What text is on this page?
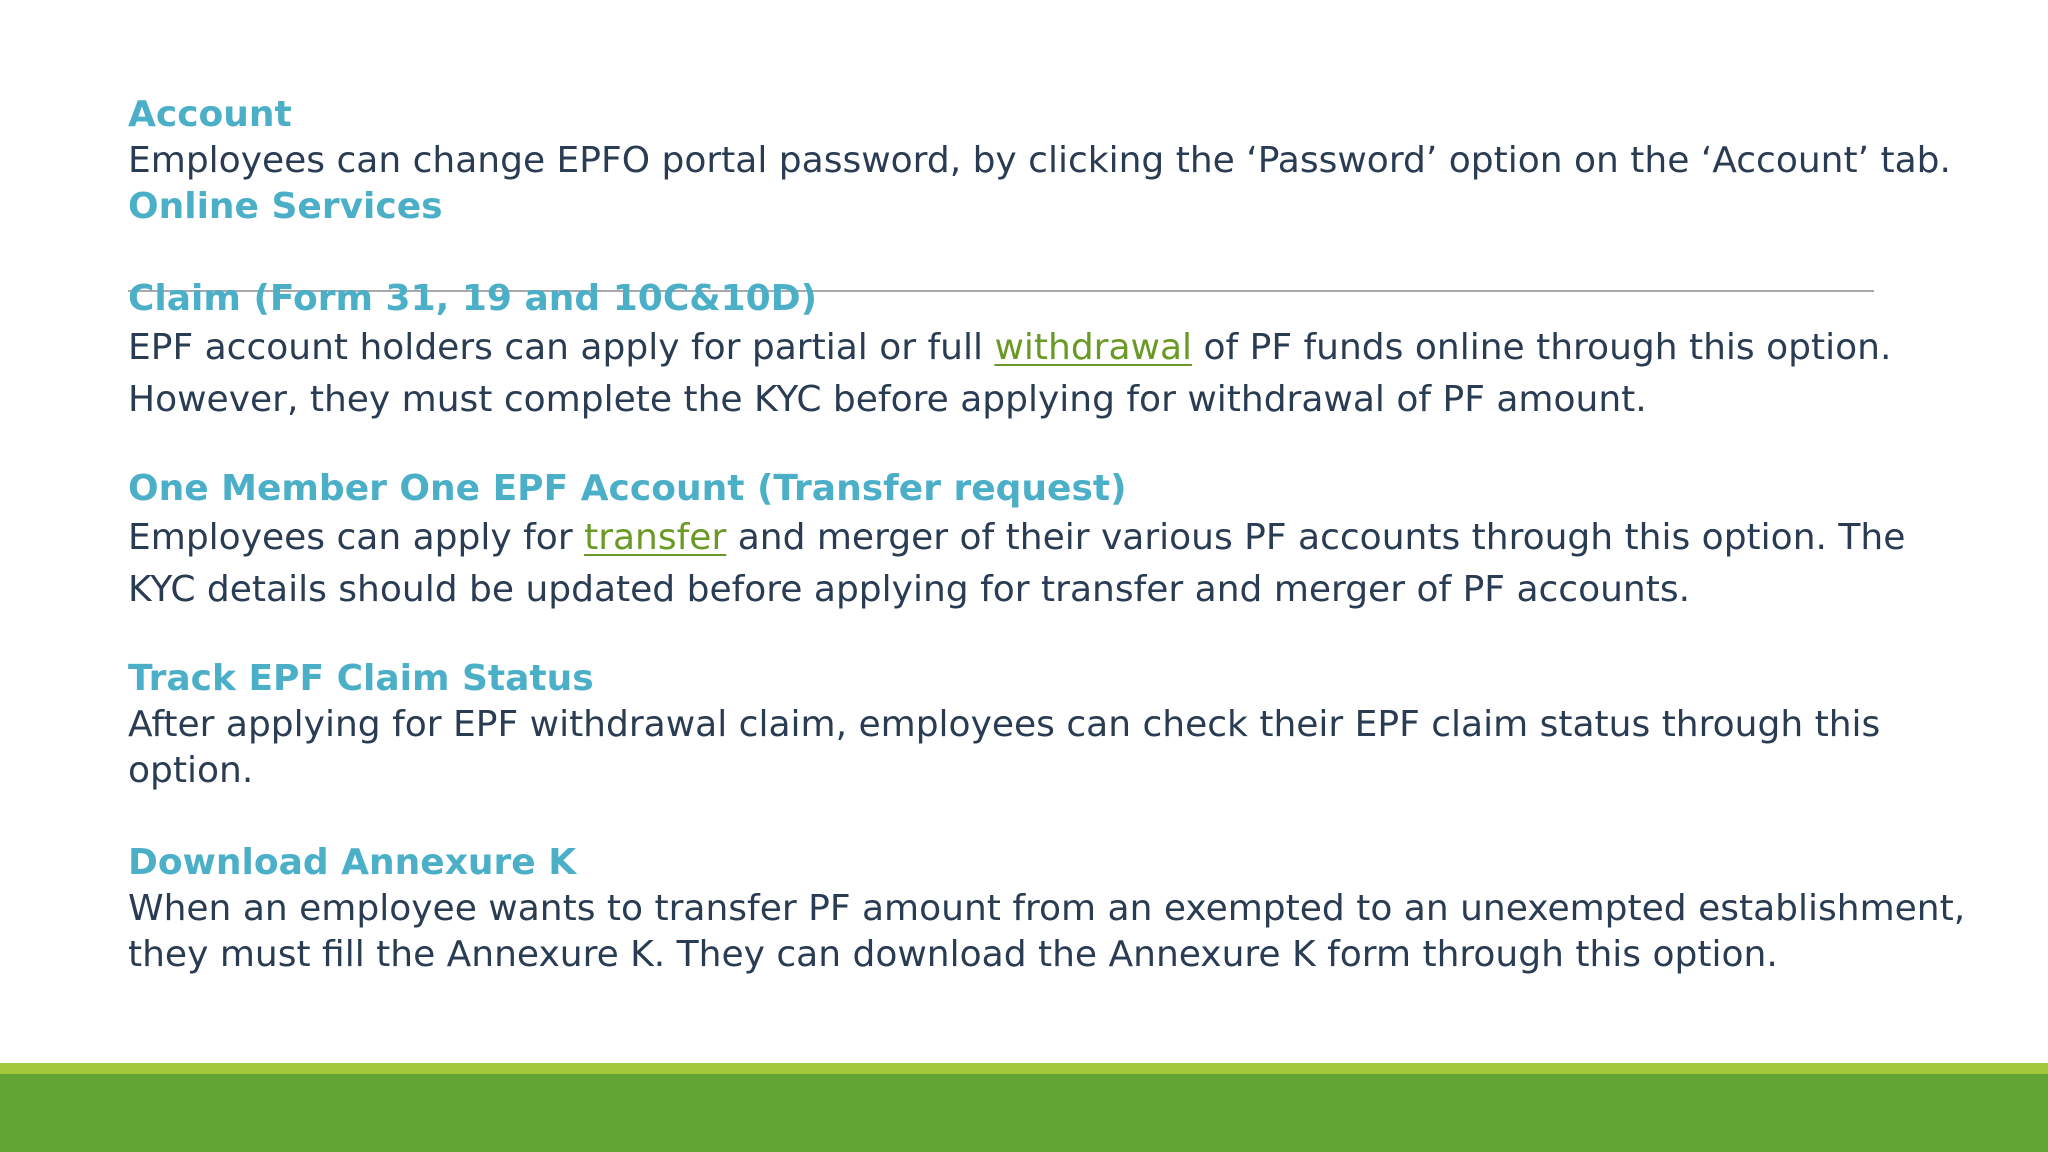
Account
Employees can change EPFO portal password, by clicking the ‘Password’ option on the ‘Account’ tab.
Online Services
Claim (Form 31, 19 and 10C&10D)
EPF account holders can apply for partial or full withdrawal of PF funds online through this option.
However, they must complete the KYC before applying for withdrawal of PF amount.
One Member One EPF Account (Transfer request)
Employees can apply for transfer and merger of their various PF accounts through this option. The
KYC details should be updated before applying for transfer and merger of PF accounts.
Track EPF Claim Status
After applying for EPF withdrawal claim, employees can check their EPF claim status through this
option.
Download Annexure K
When an employee wants to transfer PF amount from an exempted to an unexempted establishment,
they must fill the Annexure K. They can download the Annexure K form through this option.
